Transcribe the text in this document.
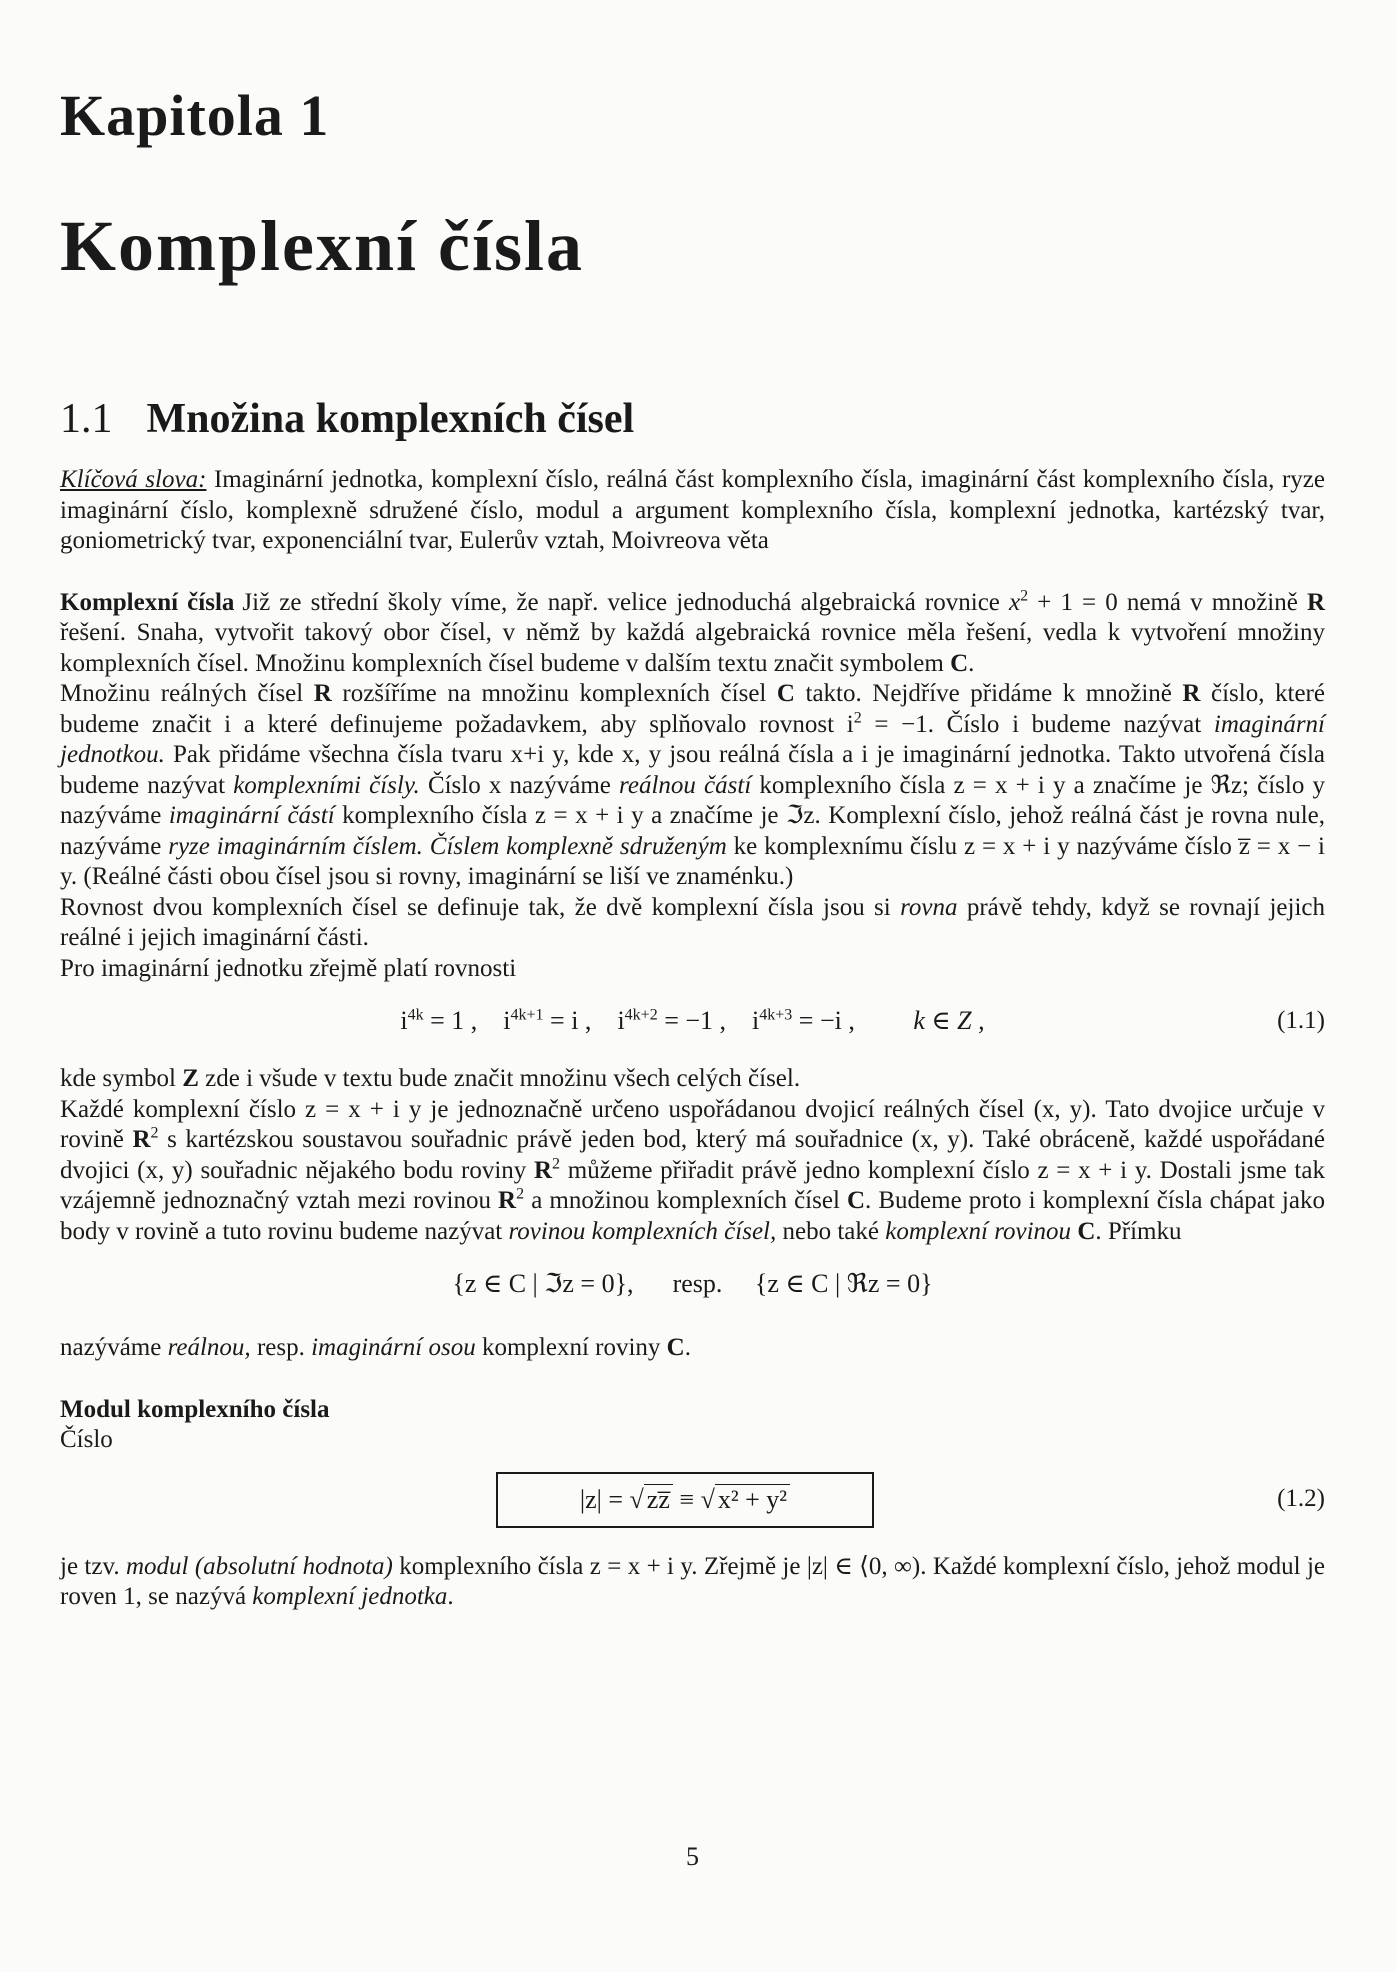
Kapitola 1
Komplexní čísla
1.1 Množina komplexních čísel

Klíčová slova: Imaginární jednotka, komplexní číslo, reálná část komplexního čísla, imaginární část komplexního čísla, ryze imaginární číslo, komplexně sdružené číslo, modul a argument komplexního čísla, komplexní jednotka, kartézský tvar, goniometrický tvar, exponenciální tvar, Eulerův vztah, Moivreova věta

Komplexní čísla Již ze střední školy víme, že např. velice jednoduchá algebraická rovnice $x^2 + 1 = 0$ nemá v množině R řešení. Snaha, vytvořit takový obor čísel, v němž by každá algebraická rovnice měla řešení, vedla k vytvoření množiny komplexních čísel. Množinu komplexních čísel budeme v dalším textu značit symbolem C.

Množinu reálných čísel R rozšíříme na množinu komplexních čísel C takto. Nejdříve přidáme k množině R číslo, které budeme značit i a které definujeme požadavkem, aby splňovalo rovnost $i^2 = -1$. Číslo i budeme nazývat imaginární jednotkou. Pak přidáme všechna čísla tvaru x+i y, kde x, y jsou reálná čísla a i je imaginární jednotka. Takto utvořená čísla budeme nazývat komplexními čísly. Číslo x nazýváme reálnou částí komplexního čísla z = x + i y a značíme je ℜz; číslo y nazýváme imaginární částí komplexního čísla z = x + i y a značíme je ℑz. Komplexní číslo, jehož reálná část je rovna nule, nazýváme ryze imaginárním číslem. Číslem komplexně sdruženým ke komplexnímu číslu z = x + i y nazýváme číslo z̅ = x − i y. (Reálné části obou čísel jsou si rovny, imaginární se liší ve znaménku.)

Rovnost dvou komplexních čísel se definuje tak, že dvě komplexní čísla jsou si rovna právě tehdy, když se rovnají jejich reálné i jejich imaginární části.

Pro imaginární jednotku zřejmě platí rovnosti

$i^{4k} = 1$ , $i^{4k+1} = i$ , $i^{4k+2} = -1$ , $i^{4k+3} = -i$ , k ∈ Z ,	(1.1)

kde symbol Z zde i všude v textu bude značit množinu všech celých čísel.

Každé komplexní číslo z = x + i y je jednoznačně určeno uspořádanou dvojicí reálných čísel (x, y). Tato dvojice určuje v rovině $R^2$ s kartézskou soustavou souřadnic právě jeden bod, který má souřadnice (x, y). Také obráceně, každé uspořádané dvojici (x, y) souřadnic nějakého bodu roviny $R^2$ můžeme přiřadit právě jedno komplexní číslo z = x + i y. Dostali jsme tak vzájemně jednoznačný vztah mezi rovinou $R^2$ a množinou komplexních čísel C. Budeme proto i komplexní čísla chápat jako body v rovině a tuto rovinu budeme nazývat rovinou komplexních čísel, nebo také komplexní rovinou C. Přímku

{z ∈ C | ℑz = 0}, resp. {z ∈ C | ℜz = 0}

nazýváme reálnou, resp. imaginární osou komplexní roviny C.

Modul komplexního čísla

Číslo

|z| = √ zz̅ ≡ √ x² + y²	(1.2)

je tzv. modul (absolutní hodnota) komplexního čísla z = x + i y. Zřejmě je |z| ∈ ⟨0, ∞). Každé komplexní číslo, jehož modul je roven 1, se nazývá komplexní jednotka.

5
